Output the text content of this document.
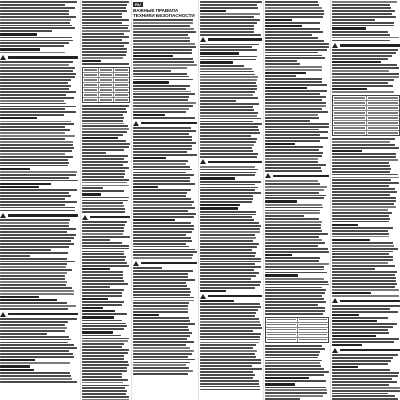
RU
ВАЖНЫЕ ПРАВИЛА ТЕХНИКИ БЕЗОПАСНОСТИ
